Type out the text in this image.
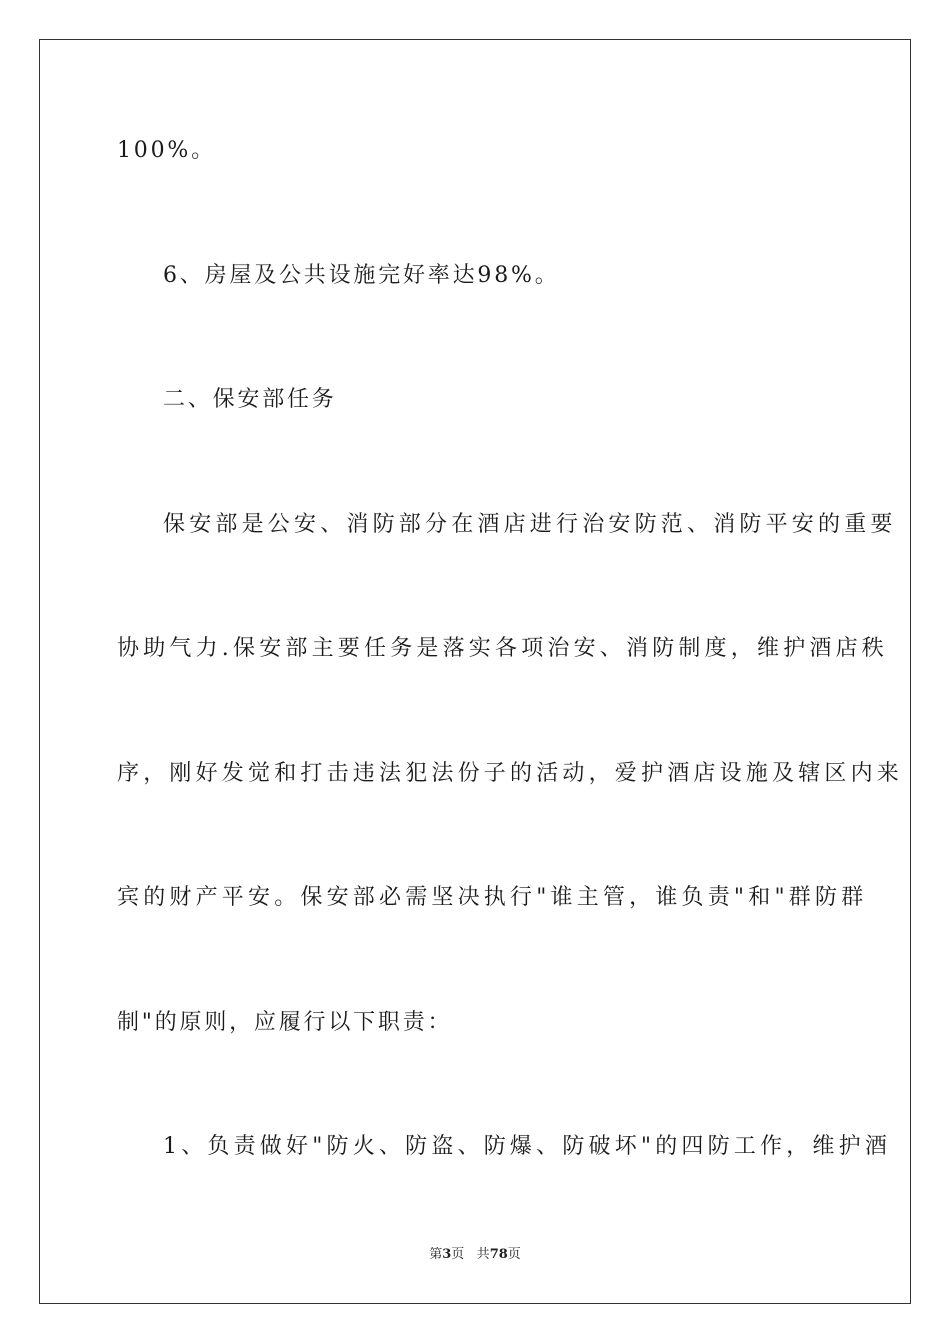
100%。
6、房屋及公共设施完好率达98%。
二、保安部任务
保安部是公安、消防部分在酒店进行治安防范、消防平安的重要
协助气力.保安部主要任务是落实各项治安、消防制度，维护酒店秩
序，刚好发觉和打击违法犯法份子的活动，爱护酒店设施及辖区内来
宾的财产平安。保安部必需坚决执行"谁主管，谁负责"和"群防群
制"的原则，应履行以下职责：
1、负责做好"防火、防盗、防爆、防破坏"的四防工作，维护酒
第3页 共78页
